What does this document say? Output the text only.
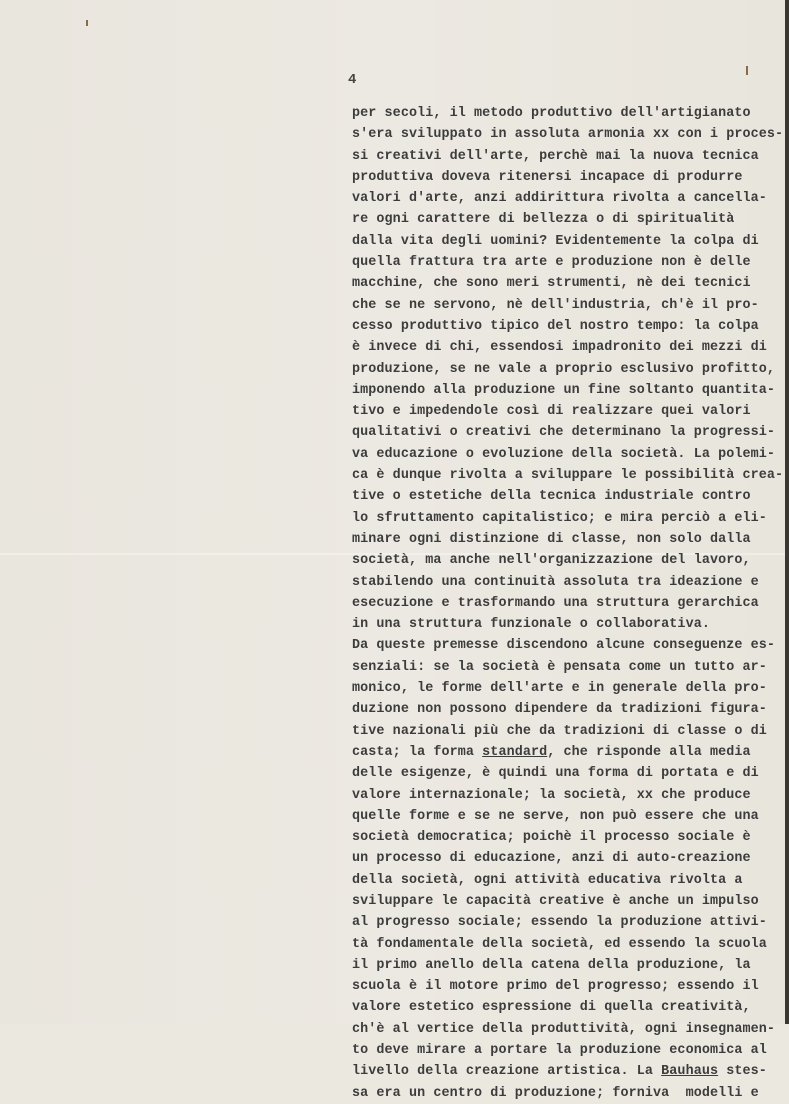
4
per secoli, il metodo produttivo dell'artigianato
s'era sviluppato in assoluta armonia xx con i proces-
si creativi dell'arte, perchè mai la nuova tecnica
produttiva doveva ritenersi incapace di produrre
valori d'arte, anzi addirittura rivolta a cancella-
re ogni carattere di bellezza o di spiritualità
dalla vita degli uomini? Evidentemente la colpa di
quella frattura tra arte e produzione non è delle
macchine, che sono meri strumenti, nè dei tecnici
che se ne servono, nè dell'industria, ch'è il pro-
cesso produttivo tipico del nostro tempo: la colpa
è invece di chi, essendosi impadronito dei mezzi di
produzione, se ne vale a proprio esclusivo profitto,
imponendo alla produzione un fine soltanto quantita-
tivo e impedendole così di realizzare quei valori
qualitativi o creativi che determinano la progressi-
va educazione o evoluzione della società. La polemi-
ca è dunque rivolta a sviluppare le possibilità crea-
tive o estetiche della tecnica industriale contro
lo sfruttamento capitalistico; e mira perciò a eli-
minare ogni distinzione di classe, non solo dalla
società, ma anche nell'organizzazione del lavoro,
stabilendo una continuità assoluta tra ideazione e
esecuzione e trasformando una struttura gerarchica
in una struttura funzionale o collaborativa.
Da queste premesse discendono alcune conseguenze es-
senziali: se la società è pensata come un tutto ar-
monico, le forme dell'arte e in generale della pro-
duzione non possono dipendere da tradizioni figura-
tive nazionali più che da tradizioni di classe o di
casta; la forma standard, che risponde alla media
delle esigenze, è quindi una forma di portata e di
valore internazionale; la società, xx che produce
quelle forme e se ne serve, non può essere che una
società democratica; poichè il processo sociale è
un processo di educazione, anzi di auto-creazione
della società, ogni attività educativa rivolta a
sviluppare le capacità creative è anche un impulso
al progresso sociale; essendo la produzione attivi-
tà fondamentale della società, ed essendo la scuola
il primo anello della catena della produzione, la
scuola è il motore primo del progresso; essendo il
valore estetico espressione di quella creatività,
ch'è al vertice della produttività, ogni insegnamen-
to deve mirare a portare la produzione economica al
livello della creazione artistica. La Bauhaus stes-
sa era un centro di produzione; forniva  modelli e
